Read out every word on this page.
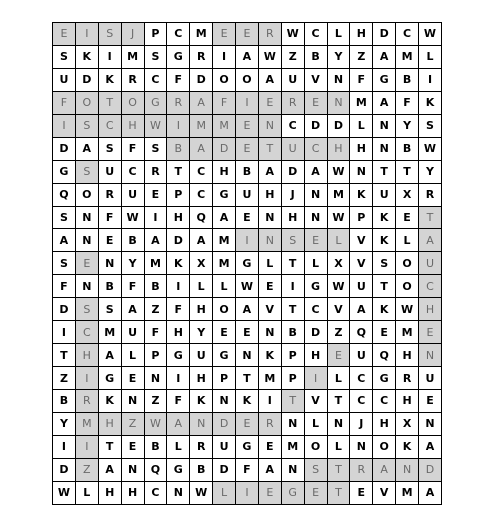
E	I	S	J	P	C	M	E	E	R	W	C	L	H	D	C	W
S	K	I	M	S	G	R	I	A	W	Z	B	Y	Z	A	M	L
U	D	K	R	C	F	D	O	O	A	U	V	N	F	G	B	I
F	O	T	O	G	R	A	F	I	E	R	E	N	M	A	F	K
I	S	C	H	W	I	M	M	E	N	C	D	D	L	N	Y	S
D	A	S	F	S	B	A	D	E	T	U	C	H	H	N	B	W
G	S	U	C	R	T	C	H	B	A	D	A	W	N	T	T	Y
Q	O	R	U	E	P	C	G	U	H	J	N	M	K	U	X	R
S	N	F	W	I	H	Q	A	E	N	H	N	W	P	K	E	T
A	N	E	B	A	D	A	M	I	N	S	E	L	V	K	L	A
S	E	N	Y	M	K	X	M	G	L	T	L	X	V	S	O	U
F	N	B	F	B	I	L	L	W	E	I	G	W	U	T	O	C
D	S	S	A	Z	F	H	O	A	V	T	C	V	A	K	W	H
I	C	M	U	F	H	Y	E	E	N	B	D	Z	Q	E	M	E
T	H	A	L	P	G	U	G	N	K	P	H	E	U	Q	H	N
Z	I	G	E	N	I	H	P	T	M	P	I	L	C	G	R	U
B	R	K	N	Z	F	K	N	K	I	T	V	T	C	C	H	E
Y	M	H	Z	W	A	N	D	E	R	N	L	N	J	H	X	N
I	I	T	E	B	L	R	U	G	E	M	O	L	N	O	K	A
D	Z	A	N	Q	G	B	D	F	A	N	S	T	R	A	N	D
W	L	H	H	C	N	W	L	I	E	G	E	T	E	V	M	A
